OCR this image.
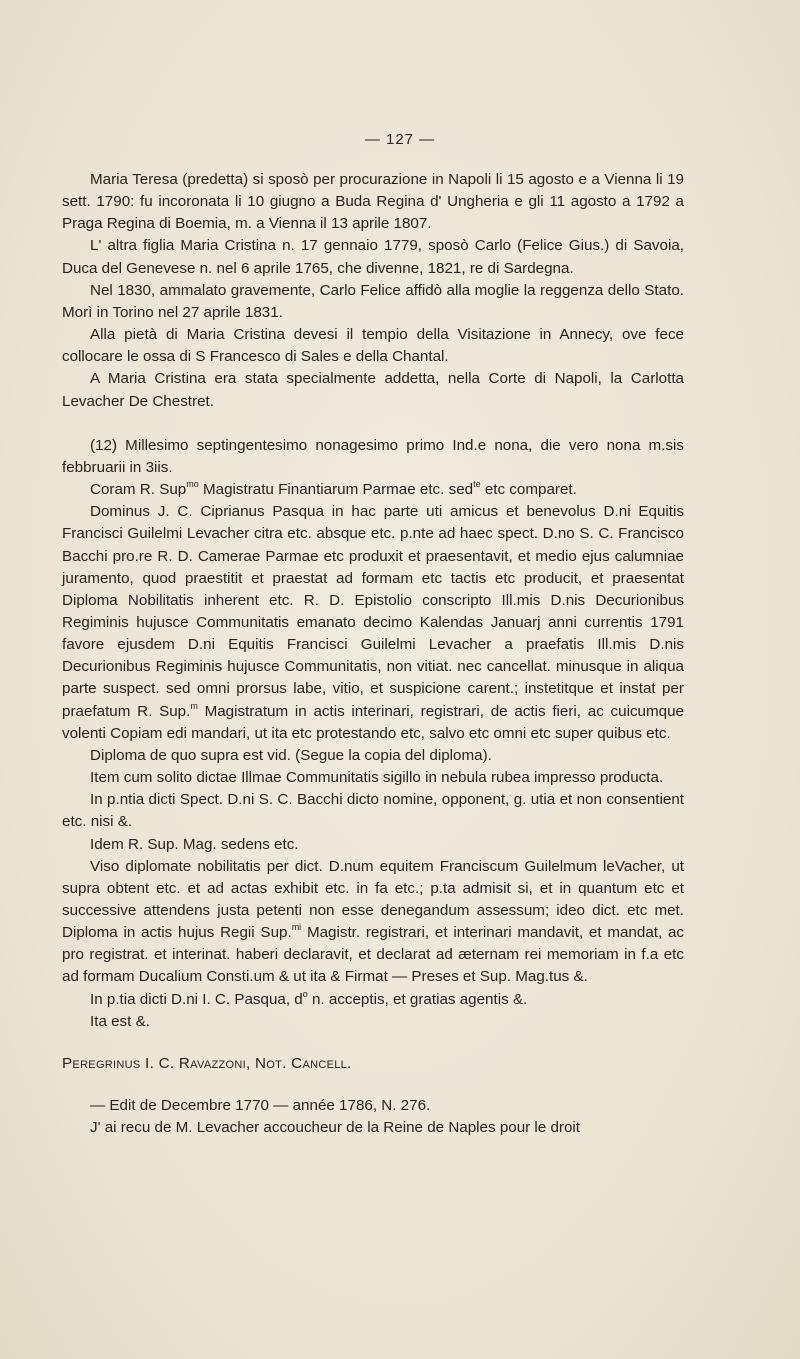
— 127 —

Maria Teresa (predetta) si sposò per procurazione in Napoli li 15 agosto e a Vienna li 19 sett. 1790: fu incoronata li 10 giugno a Buda Regina d' Ungheria e gli 11 agosto a 1792 a Praga Regina di Boemia, m. a Vienna il 13 aprile 1807.

L' altra figlia Maria Cristina n. 17 gennaio 1779, sposò Carlo (Felice Gius.) di Savoia, Duca del Genevese n. nel 6 aprile 1765, che divenne, 1821, re di Sardegna.

Nel 1830, ammalato gravemente, Carlo Felice affidò alla moglie la reggenza dello Stato. Morì in Torino nel 27 aprile 1831.

Alla pietà di Maria Cristina devesi il tempio della Visitazione in Annecy, ove fece collocare le ossa di S Francesco di Sales e della Chantal.

A Maria Cristina era stata specialmente addetta, nella Corte di Napoli, la Carlotta Levacher De Chestret.

(12) Millesimo septingentesimo nonagesimo primo Ind.e nona, die vero nona m.sis febbruarii in 3iis.

Coram R. Sup$^{mo}$ Magistratu Finantiarum Parmae etc. sed$^{te}$ etc comparet.

Dominus J. C. Ciprianus Pasqua in hac parte uti amicus et benevolus D.ni Equitis Francisci Guilelmi Levacher citra etc. absque etc. p.nte ad haec spect. D.no S. C. Francisco Bacchi pro.re R. D. Camerae Parmae etc produxit et praesentavit, et medio ejus calumniae juramento, quod praestitit et praestat ad formam etc tactis etc producit, et praesentat Diploma Nobilitatis inherent etc. R. D. Epistolio conscripto Ill.mis D.nis Decurionibus Regiminis hujusce Communitatis emanato decimo Kalendas Januarj anni currentis 1791 favore ejusdem D.ni Equitis Francisci Guilelmi Levacher a praefatis Ill.mis D.nis Decurionibus Regiminis hujusce Communitatis, non vitiat. nec cancellat. minusque in aliqua parte suspect. sed omni prorsus labe, vitio, et suspicione carent.; instetitque et instat per praefatum R. Sup.$^m$ Magistratum in actis interinari, registrari, de actis fieri, ac cuicumque volenti Copiam edi mandari, ut ita etc protestando etc, salvo etc omni etc super quibus etc.

Diploma de quo supra est vid. (Segue la copia del diploma).

Item cum solito dictae Illmae Communitatis sigillo in nebula rubea impresso producta.

In p.ntia dicti Spect. D.ni S. C. Bacchi dicto nomine, opponent, g. utia et non consentient etc. nisi &.

Idem R. Sup. Mag. sedens etc.

Viso diplomate nobilitatis per dict. D.num equitem Franciscum Guilelmum leVacher, ut supra obtent etc. et ad actas exhibit etc. in fa etc.; p.ta admisit si, et in quantum etc et successive attendens justa petenti non esse denegandum assessum; ideo dict. etc met. Diploma in actis hujus Regii Sup.$^{mi}$ Magistr. registrari, et interinari mandavit, et mandat, ac pro registrat. et interinat. haberi declaravit, et declarat ad æternam rei memoriam in f.a etc ad formam Ducalium Consti.um & ut ita & Firmat — Preses et Sup. Mag.tus &.

In p.tia dicti D.ni I. C. Pasqua, $d^o$ n. acceptis, et gratias agentis &.

Ita est &.

Peregrinus I. C. Ravazzoni, Not. Cancell.

— Edit de Decembre 1770 — année 1786, N. 276.

J' ai recu de M. Levacher accoucheur de la Reine de Naples pour le droit
